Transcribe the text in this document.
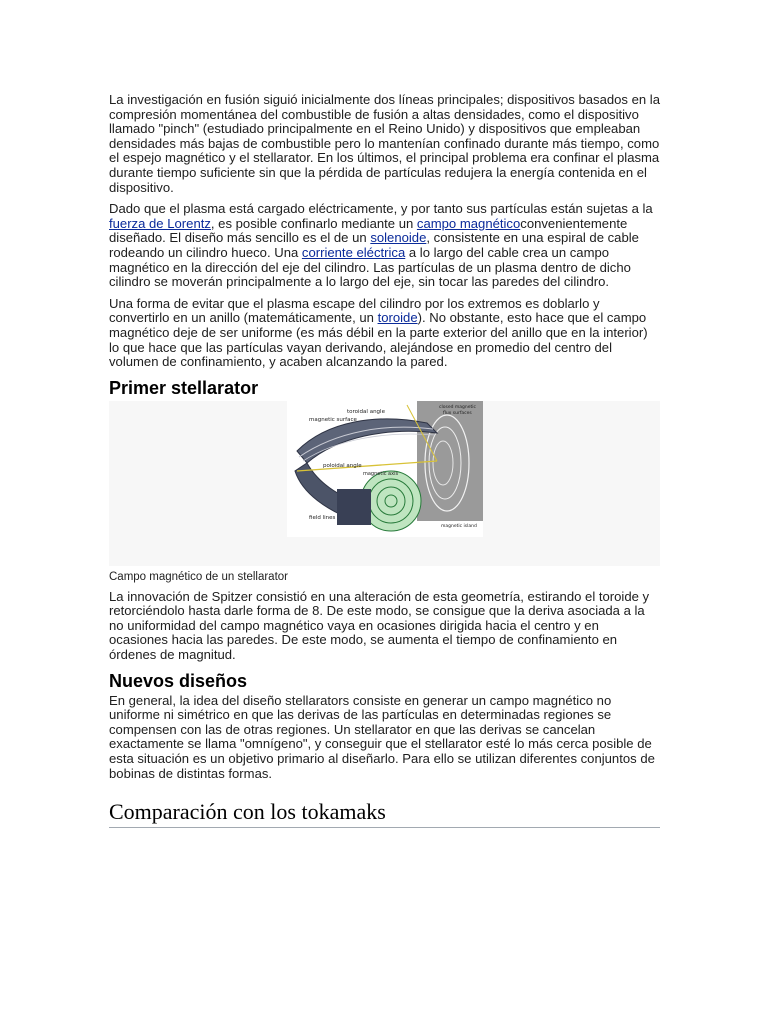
La investigación en fusión siguió inicialmente dos líneas principales; dispositivos basados en la compresión momentánea del combustible de fusión a altas densidades, como el dispositivo llamado "pinch" (estudiado principalmente en el Reino Unido) y dispositivos que empleaban densidades más bajas de combustible pero lo mantenían confinado durante más tiempo, como el espejo magnético y el stellarator. En los últimos, el principal problema era confinar el plasma durante tiempo suficiente sin que la pérdida de partículas redujera la energía contenida en el dispositivo.

Dado que el plasma está cargado eléctricamente, y por tanto sus partículas están sujetas a la fuerza de Lorentz, es posible confinarlo mediante un campo magnéticoconvenientemente diseñado. El diseño más sencillo es el de un solenoide, consistente en una espiral de cable rodeando un cilindro hueco. Una corriente eléctrica a lo largo del cable crea un campo magnético en la dirección del eje del cilindro. Las partículas de un plasma dentro de dicho cilindro se moverán principalmente a lo largo del eje, sin tocar las paredes del cilindro.

Una forma de evitar que el plasma escape del cilindro por los extremos es doblarlo y convertirlo en un anillo (matemáticamente, un toroide). No obstante, esto hace que el campo magnético deje de ser uniforme (es más débil en la parte exterior del anillo que en la interior) lo que hace que las partículas vayan derivando, alejándose en promedio del centro del volumen de confinamiento, y acaben alcanzando la pared.

Primer stellarator
toroidal angle
magnetic surface
closed magnetic
flux surfaces
poloidal angle
magnetic axis
field lines
magnetic island

Campo magnético de un stellarator

La innovación de Spitzer consistió en una alteración de esta geometría, estirando el toroide y retorciéndolo hasta darle forma de 8. De este modo, se consigue que la deriva asociada a la no uniformidad del campo magnético vaya en ocasiones dirigida hacia el centro y en ocasiones hacia las paredes. De este modo, se aumenta el tiempo de confinamiento en órdenes de magnitud.

Nuevos diseños

En general, la idea del diseño stellarators consiste en generar un campo magnético no uniforme ni simétrico en que las derivas de las partículas en determinadas regiones se compensen con las de otras regiones. Un stellarator en que las derivas se cancelan exactamente se llama "omnígeno", y conseguir que el stellarator esté lo más cerca posible de esta situación es un objetivo primario al diseñarlo. Para ello se utilizan diferentes conjuntos de bobinas de distintas formas.

Comparación con los tokamaks
